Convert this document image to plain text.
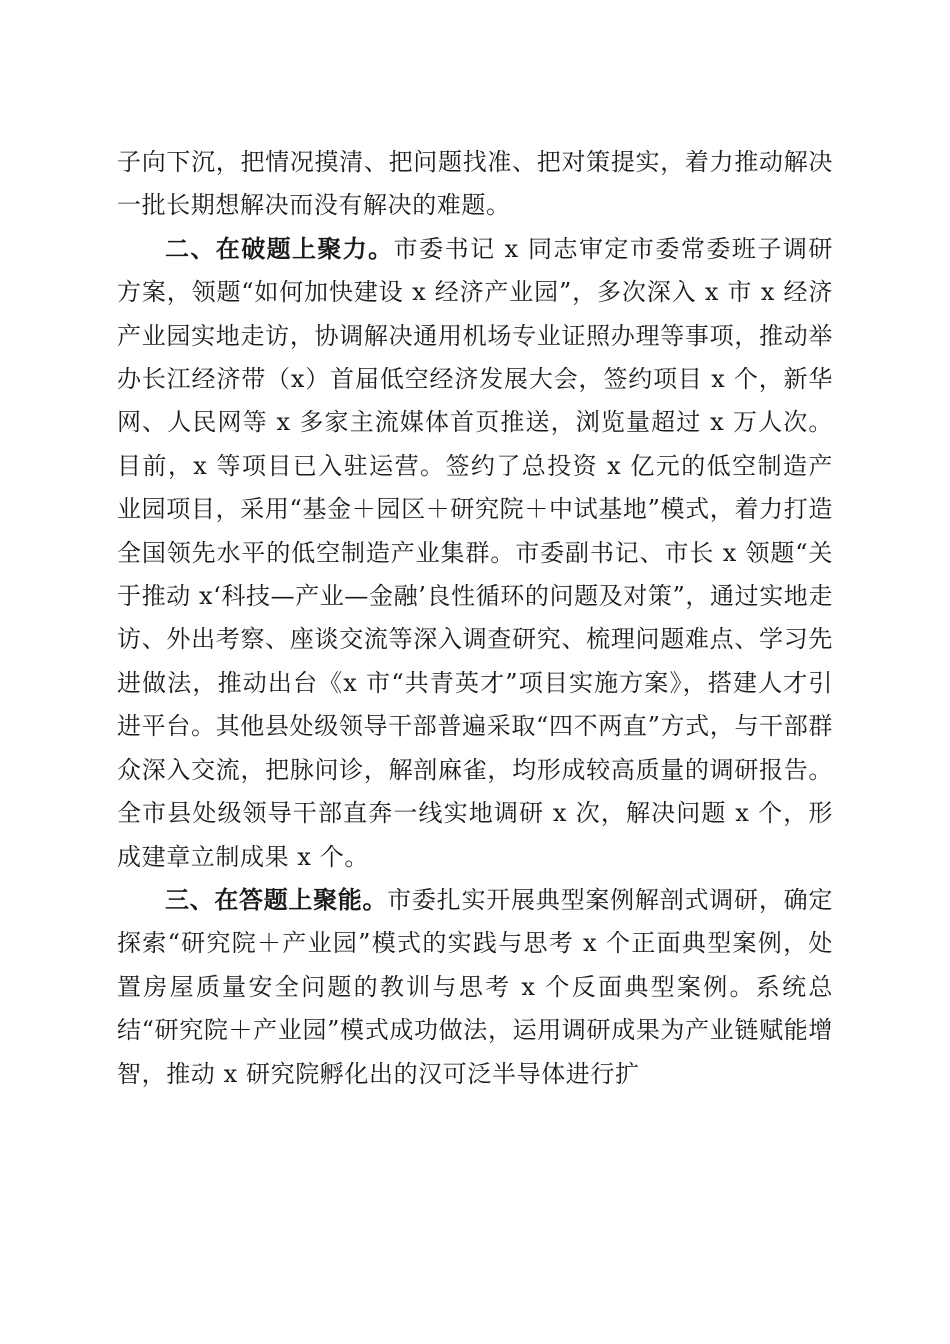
子向下沉，把情况摸清、把问题找准、把对策提实，着力推动解决一批长期想解决而没有解决的难题。

二、在破题上聚力。市委书记 x 同志审定市委常委班子调研方案，领题“如何加快建设 x 经济产业园”，多次深入 x 市 x 经济产业园实地走访，协调解决通用机场专业证照办理等事项，推动举办长江经济带（x）首届低空经济发展大会，签约项目 x 个，新华网、人民网等 x 多家主流媒体首页推送，浏览量超过 x 万人次。目前，x 等项目已入驻运营。签约了总投资 x 亿元的低空制造产业园项目，采用“基金＋园区＋研究院＋中试基地”模式，着力打造全国领先水平的低空制造产业集群。市委副书记、市长 x 领题“关于推动 x‘科技—产业—金融’良性循环的问题及对策”，通过实地走访、外出考察、座谈交流等深入调查研究、梳理问题难点、学习先进做法，推动出台《x 市“共青英才”项目实施方案》，搭建人才引进平台。其他县处级领导干部普遍采取“四不两直”方式，与干部群众深入交流，把脉问诊，解剖麻雀，均形成较高质量的调研报告。全市县处级领导干部直奔一线实地调研 x 次，解决问题 x 个，形成建章立制成果 x 个。

三、在答题上聚能。市委扎实开展典型案例解剖式调研，确定探索“研究院＋产业园”模式的实践与思考 x 个正面典型案例，处置房屋质量安全问题的教训与思考 x 个反面典型案例。系统总结“研究院＋产业园”模式成功做法，运用调研成果为产业链赋能增智，推动 x 研究院孵化出的汉可泛半导体进行扩
